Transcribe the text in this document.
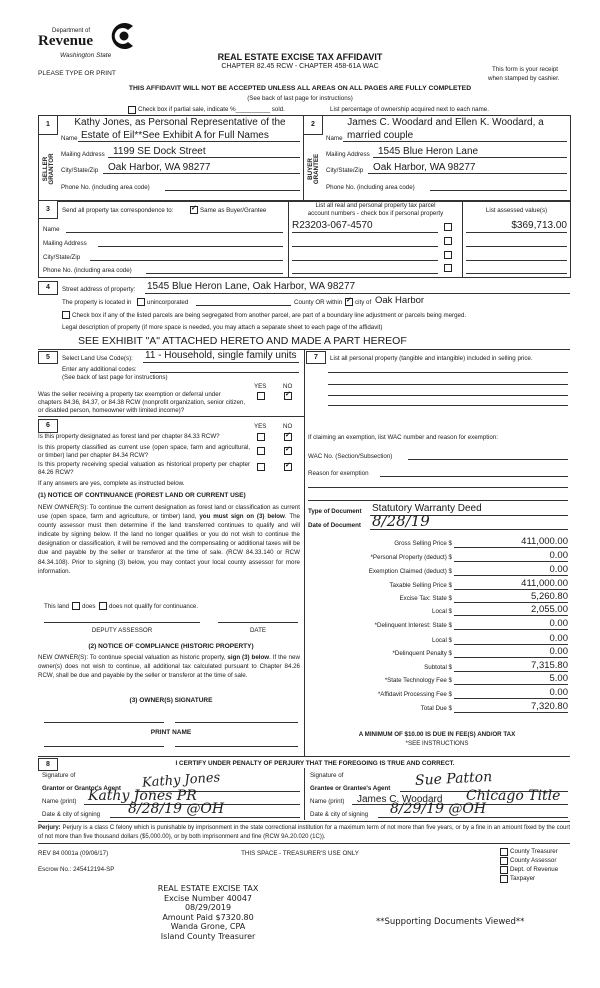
Department of
Revenue
Washington State
PLEASE TYPE OR PRINT
REAL ESTATE EXCISE TAX AFFIDAVIT
CHAPTER 82.45 RCW - CHAPTER 458-61A WAC	This form is your receipt
when stamped by cashier.
THIS AFFIDAVIT WILL NOT BE ACCEPTED UNLESS ALL AREAS ON ALL PAGES ARE FULLY COMPLETED
(See back of last page for instructions)
Check box if partial sale, indicate %__________ sold.	List percentage of ownership acquired next to each name.
1	2
SELLER GRANTOR	BUYER GRANTEE
Kathy Jones, as Personal Representative of the
Name Estate of Eil**See Exhibit A for Full Names
Mailing Address 1199 SE Dock Street
City/State/Zip Oak Harbor, WA 98277
Phone No. (including area code)
James C. Woodard and Ellen K. Woodard, a
Name married couple
Mailing Address 1545 Blue Heron Lane
City/State/Zip Oak Harbor, WA 98277
Phone No. (including area code)
3	Send all property tax correspondence to: ✓	Same as Buyer/Grantee
List all real and personal property tax parcel
account numbers - check box if personal property	List assessed value(s)
Name
Mailing Address
City/State/Zip
Phone No. (including area code)
R23203-067-4570	$369,713.00
4	Street address of property: 1545 Blue Heron Lane, Oak Harbor, WA 98277
The property is located in	unincorporated	County OR within ✓ city of Oak Harbor
Check box if any of the listed parcels are being segregated from another parcel, are part of a boundary line adjustment or parcels being merged.
Legal description of property (if more space is needed, you may attach a separate sheet to each page of the affidavit)
SEE EXHIBIT "A" ATTACHED HERETO AND MADE A PART HEREOF
5	Select Land Use Code(s): 11 - Household, single family units
Enter any additional codes:
(See back of last page for instructions)
YES	NO
Was the seller receiving a property tax exemption or deferral under chapters 84.36, 84.37, or 84.38 RCW (nonprofit organization, senior citizen, or disabled person, homeowner with limited income)?
✓
7	List all personal property (tangible and intangible) included in selling price.
6	YES	NO
Is this property designated as forest land per chapter 84.33 RCW?
✓
Is this property classified as current use (open space, farm and agricultural, or timber) land per chapter 84.34 RCW?
✓
Is this property receiving special valuation as historical property per chapter 84.26 RCW?
✓
If any answers are yes, complete as instructed below.
(1) NOTICE OF CONTINUANCE (FOREST LAND OR CURRENT USE)
NEW OWNER(S): To continue the current designation as forest land or classification as current use (open space, farm and agriculture, or timber) land, you must sign on (3) below. The county assessor must then determine if the land transferred continues to qualify and will indicate by signing below. If the land no longer qualifies or you do not wish to continue the designation or classification, it will be removed and the compensating or additional taxes will be due and payable by the seller or transferor at the time of sale. (RCW 84.33.140 or RCW 84.34.108). Prior to signing (3) below, you may contact your local county assessor for more information.
This land does does not qualify for continuance.
DEPUTY ASSESSOR	DATE
(2) NOTICE OF COMPLIANCE (HISTORIC PROPERTY)
NEW OWNER(S): To continue special valuation as historic property, sign (3) below. If the new owner(s) does not wish to continue, all additional tax calculated pursuant to Chapter 84.26 RCW, shall be due and payable by the seller or transferor at the time of sale.
(3) OWNER(S) SIGNATURE
PRINT NAME
If claiming an exemption, list WAC number and reason for exemption:
WAC No. (Section/Subsection)
Reason for exemption
Type of Document Statutory Warranty Deed
Date of Document 8/28/19
Gross Selling Price $	411,000.00
*Personal Property (deduct) $	0.00
Exemption Claimed (deduct) $	0.00
Taxable Selling Price $	411,000.00
Excise Tax: State $	5,260.80
Local $	2,055.00
*Delinquent Interest: State $	0.00
Local $	0.00
*Delinquent Penalty $	0.00
Subtotal $	7,315.80
*State Technology Fee $	5.00
*Affidavit Processing Fee $	0.00
Total Due $	7,320.80
A MINIMUM OF $10.00 IS DUE IN FEE(S) AND/OR TAX
*SEE INSTRUCTIONS
8	I CERTIFY UNDER PENALTY OF PERJURY THAT THE FOREGOING IS TRUE AND CORRECT.
Signature of
Grantor or Grantor's Agent Kathy Jones
Name (print) Kathy Jones PR
Date & city of signing 8/28/19 @OH
Signature of
Grantee or Grantee's Agent Sue Patton
Name (print) James C. Woodard Chicago Title
Date & city of signing 8/29/19 @OH
Perjury: Perjury is a class C felony which is punishable by imprisonment in the state correctional institution for a maximum term of not more than five years, or by a fine in an amount fixed by the court of not more than five thousand dollars ($5,000.00), or by both imprisonment and fine (RCW 9A.20.020 (1C)).
REV 84 0001a (09/06/17)	THIS SPACE - TREASURER'S USE ONLY
Escrow No.: 245412194-SP
County Treasurer
County Assessor
Dept. of Revenue
Taxpayer
REAL ESTATE EXCISE TAX
Excise Number 40047
08/29/2019
Amount Paid $7320.80
Wanda Grone, CPA
Island County Treasurer
**Supporting Documents Viewed**
